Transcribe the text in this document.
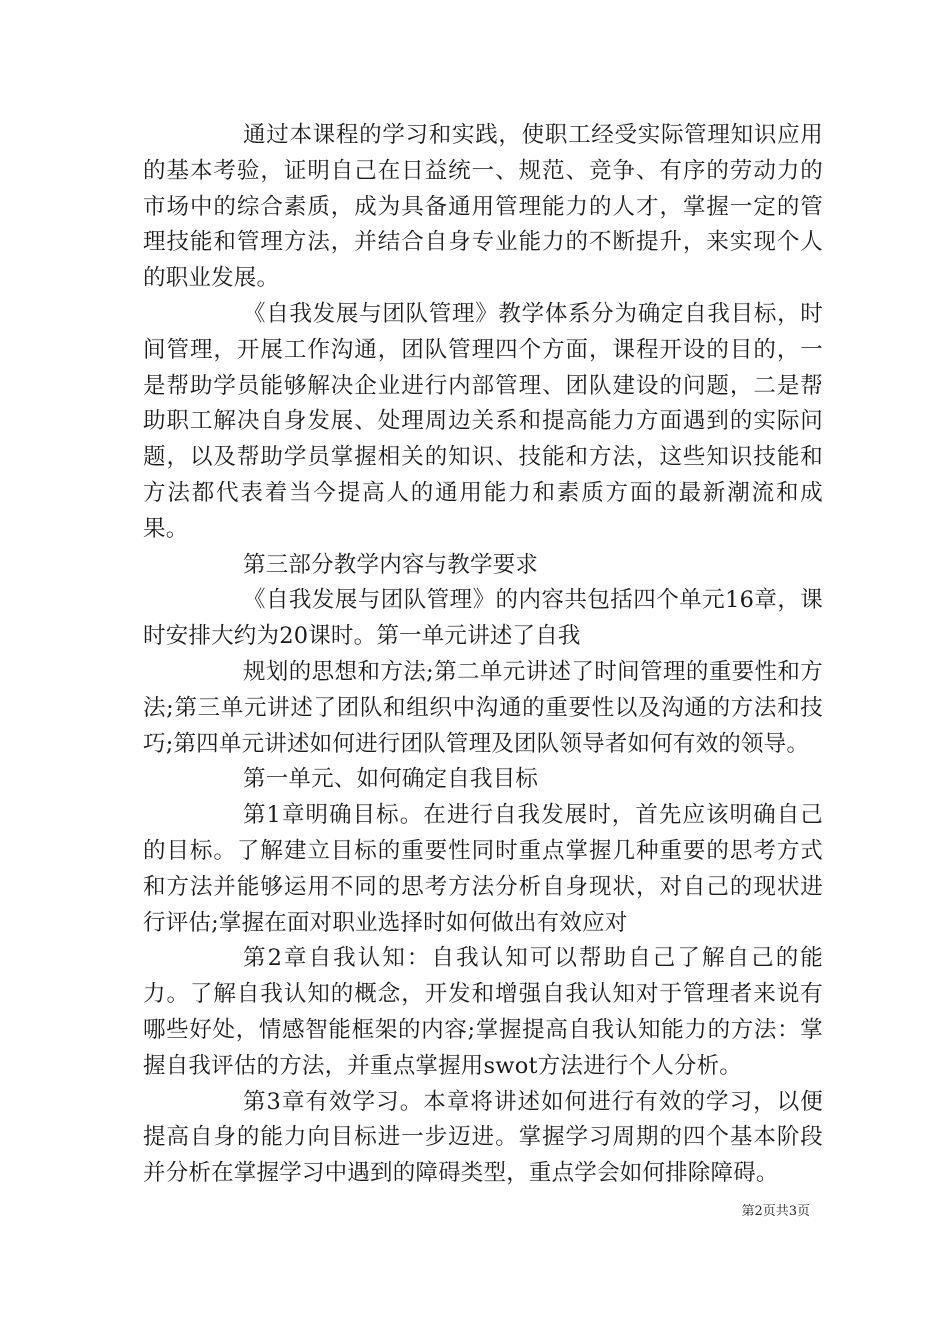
通过本课程的学习和实践，使职工经受实际管理知识应用的基本考验，证明自己在日益统一、规范、竞争、有序的劳动力的市场中的综合素质，成为具备通用管理能力的人才，掌握一定的管理技能和管理方法，并结合自身专业能力的不断提升，来实现个人的职业发展。

《自我发展与团队管理》教学体系分为确定自我目标，时间管理，开展工作沟通，团队管理四个方面，课程开设的目的，一是帮助学员能够解决企业进行内部管理、团队建设的问题，二是帮助职工解决自身发展、处理周边关系和提高能力方面遇到的实际问题，以及帮助学员掌握相关的知识、技能和方法，这些知识技能和方法都代表着当今提高人的通用能力和素质方面的最新潮流和成果。

第三部分教学内容与教学要求

《自我发展与团队管理》的内容共包括四个单元16章，课时安排大约为20课时。第一单元讲述了自我

规划的思想和方法;第二单元讲述了时间管理的重要性和方法;第三单元讲述了团队和组织中沟通的重要性以及沟通的方法和技巧;第四单元讲述如何进行团队管理及团队领导者如何有效的领导。

第一单元、如何确定自我目标

第1章明确目标。在进行自我发展时，首先应该明确自己的目标。了解建立目标的重要性同时重点掌握几种重要的思考方式和方法并能够运用不同的思考方法分析自身现状，对自己的现状进行评估;掌握在面对职业选择时如何做出有效应对

第2章自我认知：自我认知可以帮助自己了解自己的能力。了解自我认知的概念，开发和增强自我认知对于管理者来说有哪些好处，情感智能框架的内容;掌握提高自我认知能力的方法：掌握自我评估的方法，并重点掌握用swot方法进行个人分析。

第3章有效学习。本章将讲述如何进行有效的学习，以便提高自身的能力向目标进一步迈进。掌握学习周期的四个基本阶段并分析在掌握学习中遇到的障碍类型，重点学会如何排除障碍。

第2页共3页
